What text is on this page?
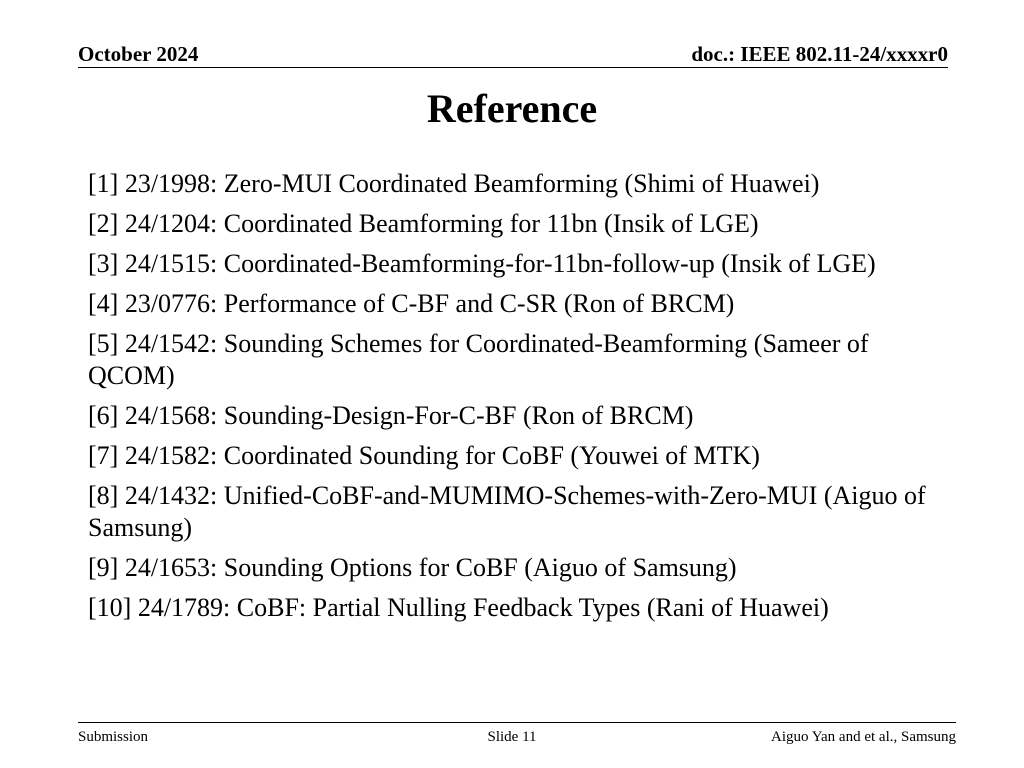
October 2024	doc.: IEEE 802.11-24/xxxxr0
Reference
[1] 23/1998: Zero-MUI Coordinated Beamforming (Shimi of Huawei)
[2] 24/1204: Coordinated Beamforming for 11bn (Insik of LGE)
[3] 24/1515: Coordinated-Beamforming-for-11bn-follow-up (Insik of LGE)
[4] 23/0776: Performance of C-BF and C-SR (Ron of BRCM)
[5] 24/1542: Sounding Schemes for Coordinated-Beamforming (Sameer of QCOM)
[6] 24/1568: Sounding-Design-For-C-BF (Ron of BRCM)
[7] 24/1582: Coordinated Sounding for CoBF (Youwei of MTK)
[8] 24/1432: Unified-CoBF-and-MUMIMO-Schemes-with-Zero-MUI (Aiguo of Samsung)
[9] 24/1653: Sounding Options for CoBF (Aiguo of Samsung)
[10] 24/1789: CoBF: Partial Nulling Feedback Types (Rani of Huawei)
Submission	Slide 11	Aiguo Yan and et al., Samsung
